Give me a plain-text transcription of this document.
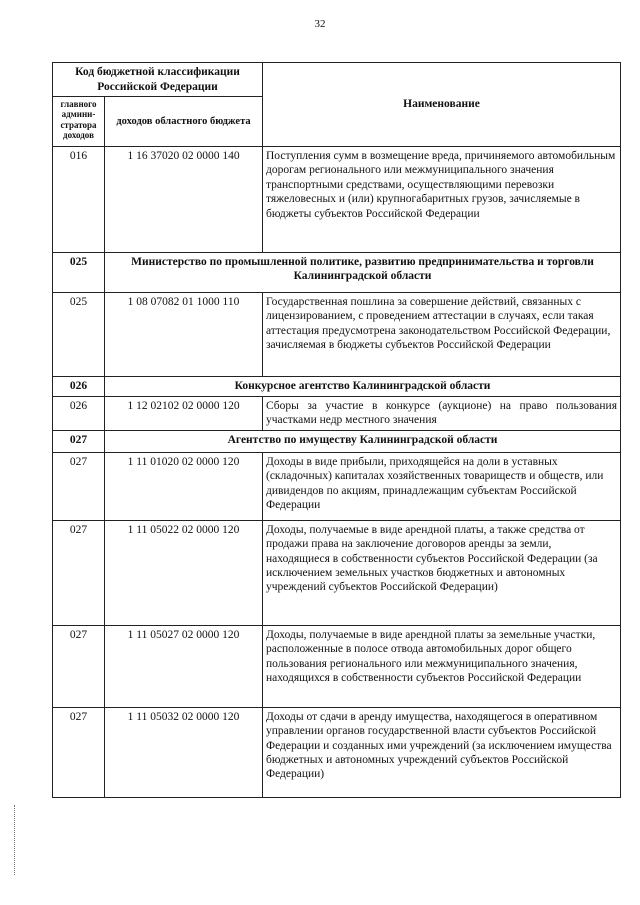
32
Код бюджетной классификации Российской Федерации		Наименование
главного админи- стратора доходов	доходов областного бюджета	
016	1 16 37020 02 0000 140	Поступления сумм в возмещение вреда, причиняемого автомобильным дорогам регионального или межмуниципального значения транспортными средствами, осуществляющими перевозки тяжеловесных и (или) крупногабаритных грузов, зачисляемые в бюджеты субъектов Российской Федерации
025	Министерство по промышленной политике, развитию предпринимательства и торговли Калининградской области	
025	1 08 07082 01 1000 110	Государственная пошлина за совершение действий, связанных с лицензированием, с проведением аттестации в случаях, если такая аттестация предусмотрена законодательством Российской Федерации, зачисляемая в бюджеты субъектов Российской Федерации
026	Конкурсное агентство Калининградской области	
026	1 12 02102 02 0000 120	Сборы за участие в конкурсе (аукционе) на право пользования участками недр местного значения
027	Агентство по имуществу Калининградской области	
027	1 11 01020 02 0000 120	Доходы в виде прибыли, приходящейся на доли в уставных (складочных) капиталах хозяйственных товариществ и обществ, или дивидендов по акциям, принадлежащим субъектам Российской Федерации
027	1 11 05022 02 0000 120	Доходы, получаемые в виде арендной платы, а также средства от продажи права на заключение договоров аренды за земли, находящиеся в собственности субъектов Российской Федерации (за исключением земельных участков бюджетных и автономных учреждений субъектов Российской Федерации)
027	1 11 05027 02 0000 120	Доходы, получаемые в виде арендной платы за земельные участки, расположенные в полосе отвода автомобильных дорог общего пользования регионального или межмуниципального значения, находящихся в собственности субъектов Российской Федерации
027	1 11 05032 02 0000 120	Доходы от сдачи в аренду имущества, находящегося в оперативном управлении органов государственной власти субъектов Российской Федерации и созданных ими учреждений (за исключением имущества бюджетных и автономных учреждений субъектов Российской Федерации)
